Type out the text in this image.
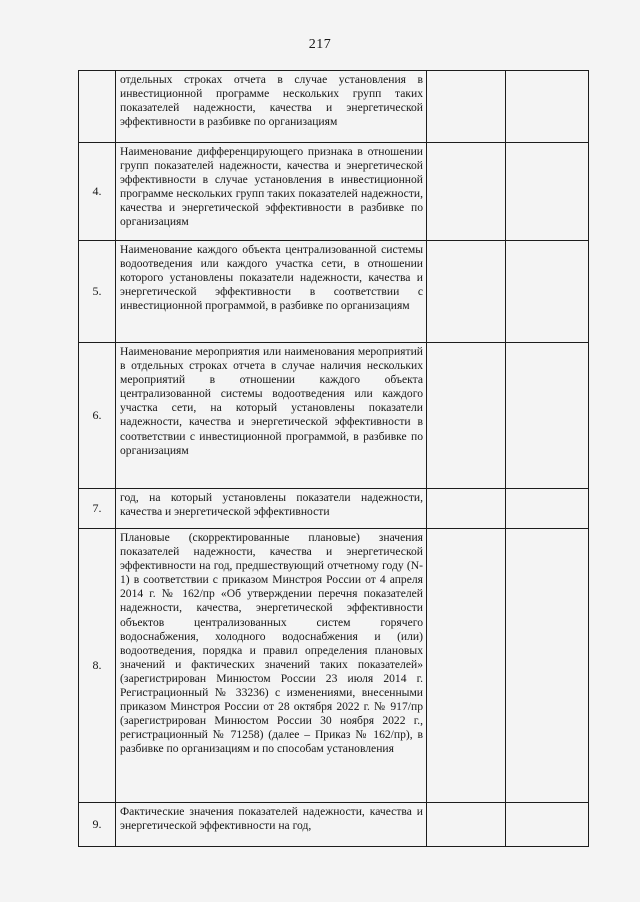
217
	отдельных строках отчета в случае установления в инвестиционной программе нескольких групп таких показателей надежности, качества и энергетической эффективности в разбивке по организациям		
4.	Наименование дифференцирующего признака в отношении групп показателей надежности, качества и энергетической эффективности в случае установления в инвестиционной программе нескольких групп таких показателей надежности, качества и энергетической эффективности в разбивке по организациям		
5.	Наименование каждого объекта централизованной системы водоотведения или каждого участка сети, в отношении которого установлены показатели надежности, качества и энергетической эффективности в соответствии с инвестиционной программой, в разбивке по организациям		
6.	Наименование мероприятия или наименования мероприятий в отдельных строках отчета в случае наличия нескольких мероприятий в отношении каждого объекта централизованной системы водоотведения или каждого участка сети, на который установлены показатели надежности, качества и энергетической эффективности в соответствии с инвестиционной программой, в разбивке по организациям		
7.	год, на который установлены показатели надежности, качества и энергетической эффективности		
8.	Плановые (скорректированные плановые) значения показателей надежности, качества и энергетической эффективности на год, предшествующий отчетному году (N-1) в соответствии с приказом Минстроя России от 4 апреля 2014 г. № 162/пр «Об утверждении перечня показателей надежности, качества, энергетической эффективности объектов централизованных систем горячего водоснабжения, холодного водоснабжения и (или) водоотведения, порядка и правил определения плановых значений и фактических значений таких показателей» (зарегистрирован Минюстом России 23 июля 2014 г. Регистрационный № 33236) с изменениями, внесенными приказом Минстроя России от 28 октября 2022 г. № 917/пр (зарегистрирован Минюстом России 30 ноября 2022 г., регистрационный № 71258) (далее – Приказ № 162/пр), в разбивке по организациям и по способам установления		
9.	Фактические значения показателей надежности, качества и энергетической эффективности на год,		
